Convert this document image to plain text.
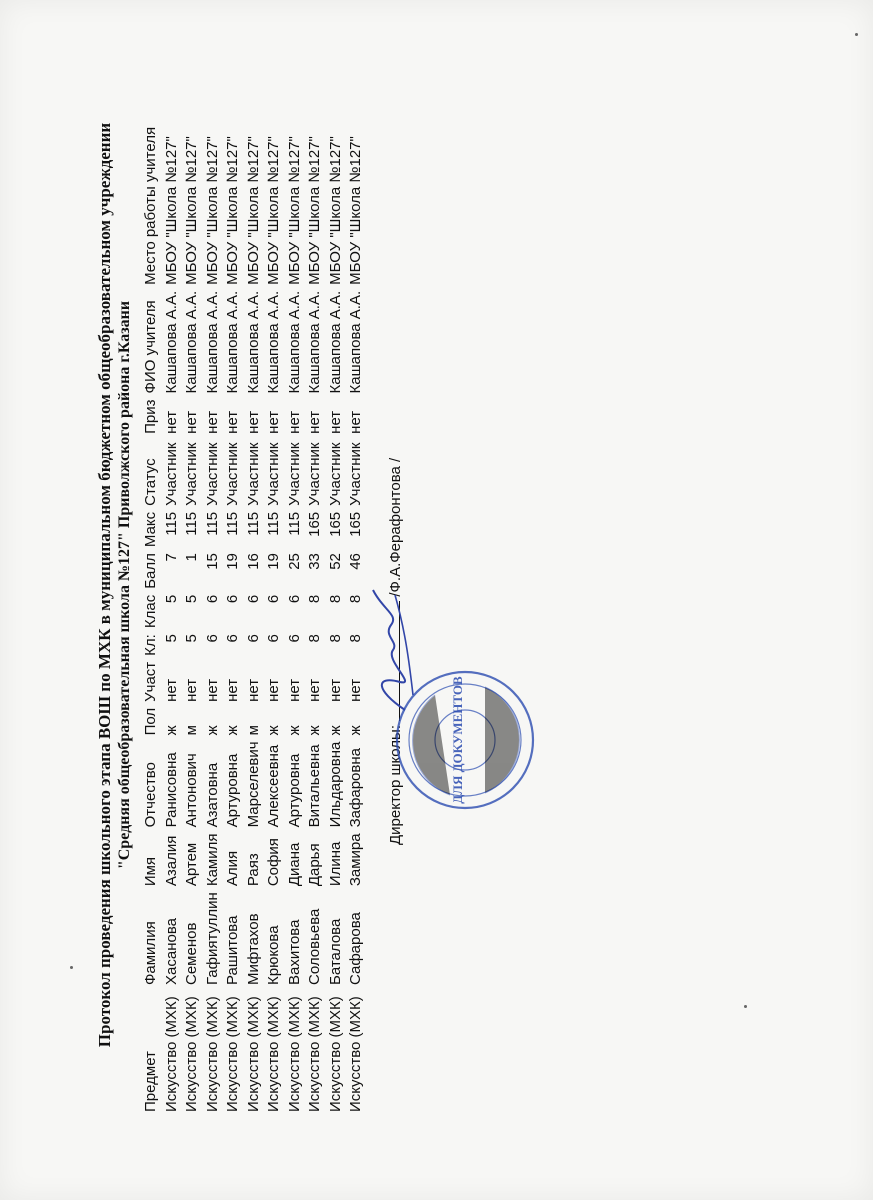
Протокол проведения школьного этапа ВОШ по МХК в муниципальном бюджетном общеобразовательном учреждении "Средняя общеобразовательная школа №127" Приволжского района г.Казани
Предмет	Фамилия	Имя	Отчество	Пол	Участ	Кл:	Клас	Балл	Макс	Статус	Приз	ФИО учителя	Место работы учителя
Искусство (МХК)	Хасанова	Азалия	Ранисовна	ж	нет	5	5	7	115	Участник	нет	Кашапова А.А.	МБОУ "Школа №127"
Искусство (МХК)	Семенов	Артем	Антонович	м	нет	5	5	1	115	Участник	нет	Кашапова А.А.	МБОУ "Школа №127"
Искусство (МХК)	Гафиятуллин	Камиля	Азатовна	ж	нет	6	6	15	115	Участник	нет	Кашапова А.А.	МБОУ "Школа №127"
Искусство (МХК)	Рашитова	Алия	Артуровна	ж	нет	6	6	19	115	Участник	нет	Кашапова А.А.	МБОУ "Школа №127"
Искусство (МХК)	Мифтахов	Раяз	Марселевич	м	нет	6	6	16	115	Участник	нет	Кашапова А.А.	МБОУ "Школа №127"
Искусство (МХК)	Крюкова	София	Алексеевна	ж	нет	6	6	19	115	Участник	нет	Кашапова А.А.	МБОУ "Школа №127"
Искусство (МХК)	Вахитова	Диана	Артуровна	ж	нет	6	6	25	115	Участник	нет	Кашапова А.А.	МБОУ "Школа №127"
Искусство (МХК)	Соловьева	Дарья	Витальевна	ж	нет	8	8	33	165	Участник	нет	Кашапова А.А.	МБОУ "Школа №127"
Искусство (МХК)	Баталова	Илина	Ильдаровна	ж	нет	8	8	52	165	Участник	нет	Кашапова А.А.	МБОУ "Школа №127"
Искусство (МХК)	Сафарова	Замира	Зафаровна	ж	нет	8	8	46	165	Участник	нет	Кашапова А.А.	МБОУ "Школа №127"
Директор школы:  /Ф.А.Ферафонтова /
ДЛЯ ДОКУМЕНТОВ
